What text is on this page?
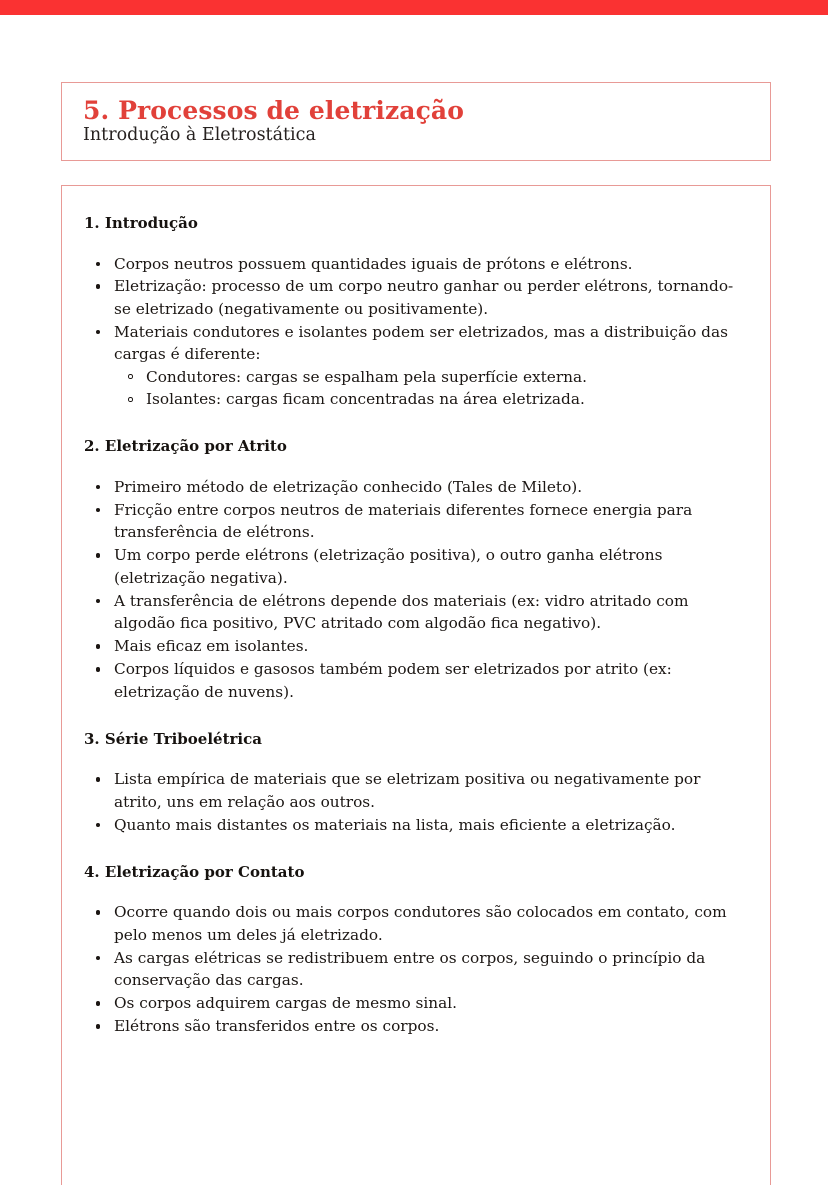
5. Processos de eletrização
Introdução à Eletrostática
1. Introdução
Corpos neutros possuem quantidades iguais de prótons e elétrons.
Eletrização: processo de um corpo neutro ganhar ou perder elétrons, tornando-se eletrizado (negativamente ou positivamente).
Materiais condutores e isolantes podem ser eletrizados, mas a distribuição das cargas é diferente:
Condutores: cargas se espalham pela superfície externa.
Isolantes: cargas ficam concentradas na área eletrizada.
2. Eletrização por Atrito
Primeiro método de eletrização conhecido (Tales de Mileto).
Fricção entre corpos neutros de materiais diferentes fornece energia para transferência de elétrons.
Um corpo perde elétrons (eletrização positiva), o outro ganha elétrons (eletrização negativa).
A transferência de elétrons depende dos materiais (ex: vidro atritado com algodão fica positivo, PVC atritado com algodão fica negativo).
Mais eficaz em isolantes.
Corpos líquidos e gasosos também podem ser eletrizados por atrito (ex: eletrização de nuvens).
3. Série Triboelétrica
Lista empírica de materiais que se eletrizam positiva ou negativamente por atrito, uns em relação aos outros.
Quanto mais distantes os materiais na lista, mais eficiente a eletrização.
4. Eletrização por Contato
Ocorre quando dois ou mais corpos condutores são colocados em contato, com pelo menos um deles já eletrizado.
As cargas elétricas se redistribuem entre os corpos, seguindo o princípio da conservação das cargas.
Os corpos adquirem cargas de mesmo sinal.
Elétrons são transferidos entre os corpos.
